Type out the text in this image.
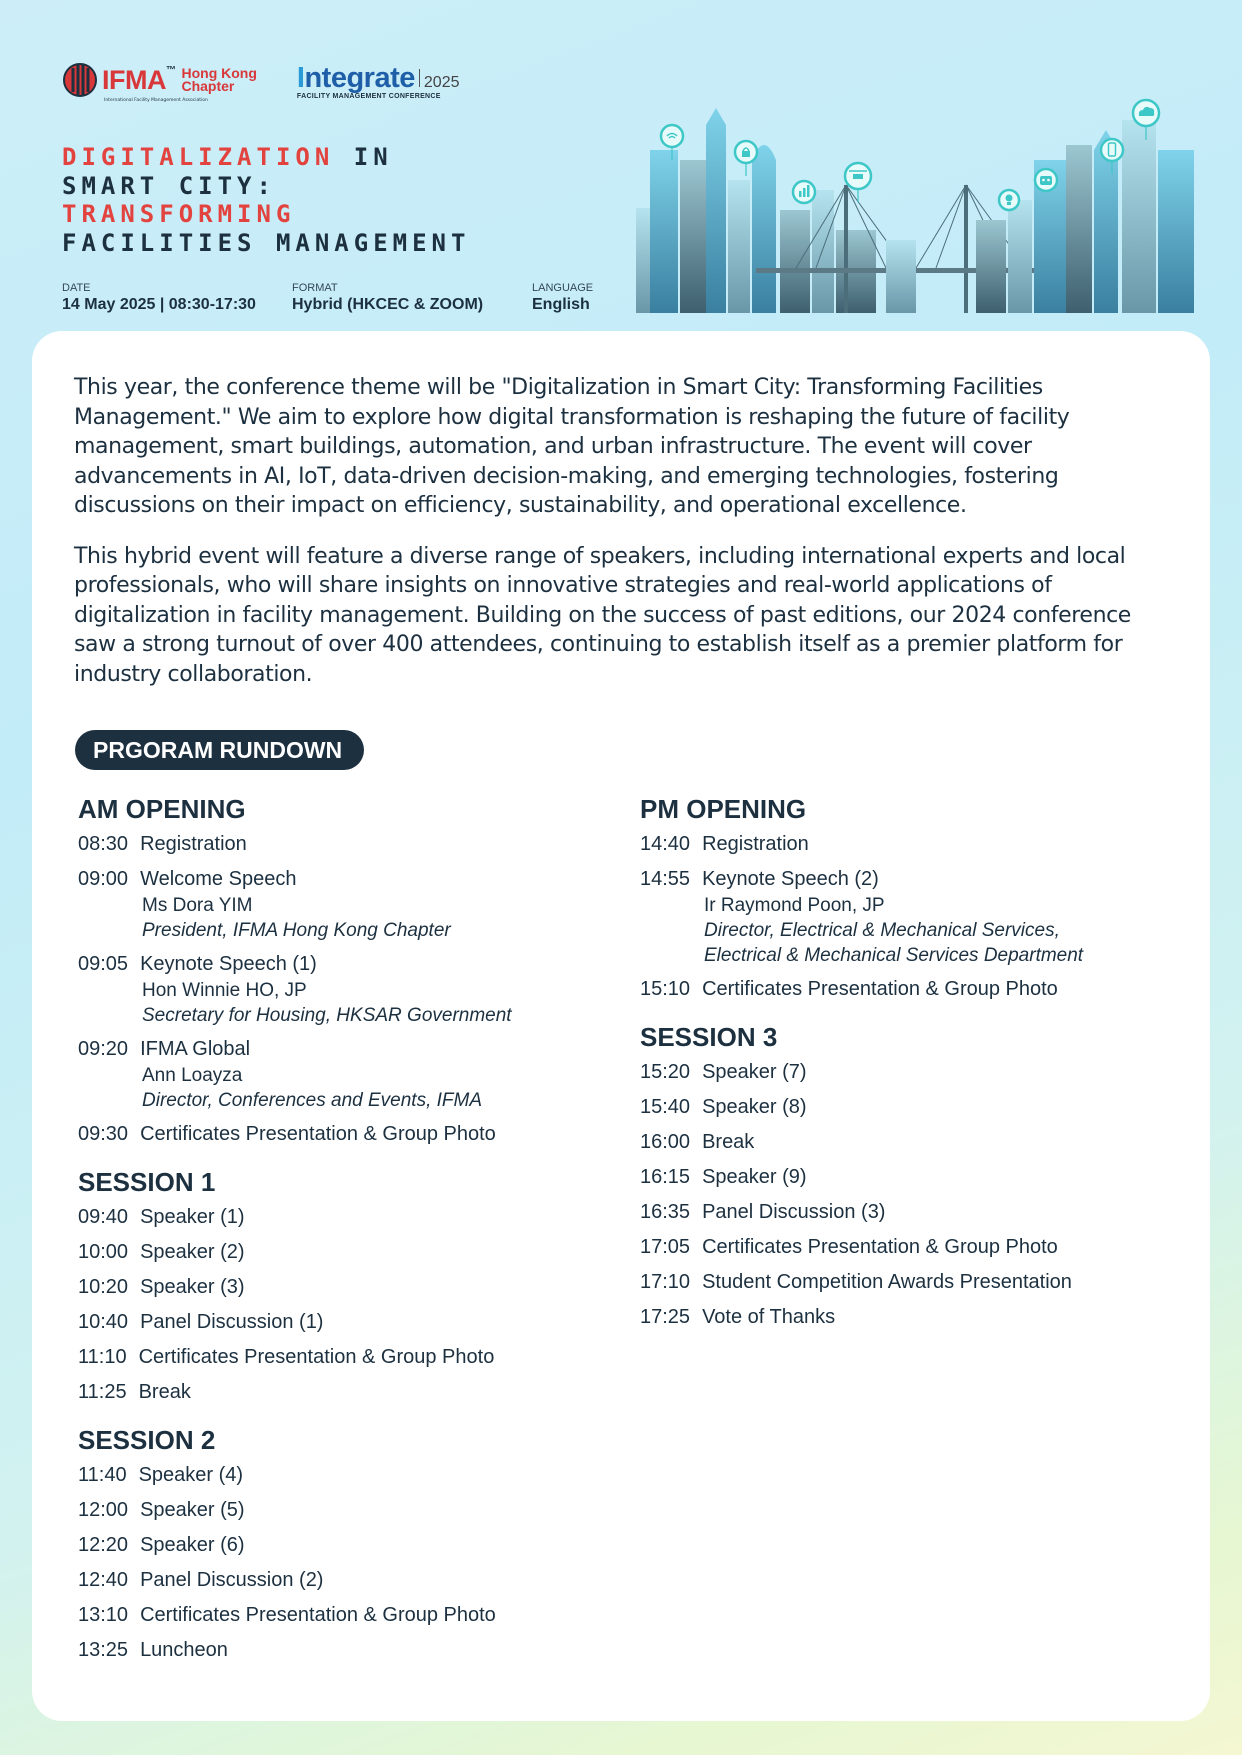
IFMA™ Hong Kong
Chapter
International Facility Management Association
Integrate 2025
FACILITY MANAGEMENT CONFERENCE
DIGITALIZATION IN
SMART CITY:
TRANSFORMING
FACILITIES MANAGEMENT
DATE
14 May 2025 | 08:30-17:30
FORMAT
Hybrid (HKCEC & ZOOM)
LANGUAGE
English

This year, the conference theme will be "Digitalization in Smart City: Transforming Facilities Management." We aim to explore how digital transformation is reshaping the future of facility management, smart buildings, automation, and urban infrastructure. The event will cover advancements in AI, IoT, data-driven decision-making, and emerging technologies, fostering discussions on their impact on efficiency, sustainability, and operational excellence.

This hybrid event will feature a diverse range of speakers, including international experts and local professionals, who will share insights on innovative strategies and real-world applications of digitalization in facility management. Building on the success of past editions, our 2024 conference saw a strong turnout of over 400 attendees, continuing to establish itself as a premier platform for industry collaboration.

PRGORAM RUNDOWN
AM OPENING
08:30 Registration
09:00 Welcome Speech
Ms Dora YIM
President, IFMA Hong Kong Chapter
09:05 Keynote Speech (1)
Hon Winnie HO, JP
Secretary for Housing, HKSAR Government
09:20 IFMA Global
Ann Loayza
Director, Conferences and Events, IFMA
09:30 Certificates Presentation & Group Photo
SESSION 1
09:40 Speaker (1)
10:00 Speaker (2)
10:20 Speaker (3)
10:40 Panel Discussion (1)
11:10 Certificates Presentation & Group Photo
11:25 Break
SESSION 2
11:40 Speaker (4)
12:00 Speaker (5)
12:20 Speaker (6)
12:40 Panel Discussion (2)
13:10 Certificates Presentation & Group Photo
13:25 Luncheon
PM OPENING
14:40 Registration
14:55 Keynote Speech (2)
Ir Raymond Poon, JP
Director, Electrical & Mechanical Services,
Electrical & Mechanical Services Department
15:10 Certificates Presentation & Group Photo
SESSION 3
15:20 Speaker (7)
15:40 Speaker (8)
16:00 Break
16:15 Speaker (9)
16:35 Panel Discussion (3)
17:05 Certificates Presentation & Group Photo
17:10 Student Competition Awards Presentation
17:25 Vote of Thanks
